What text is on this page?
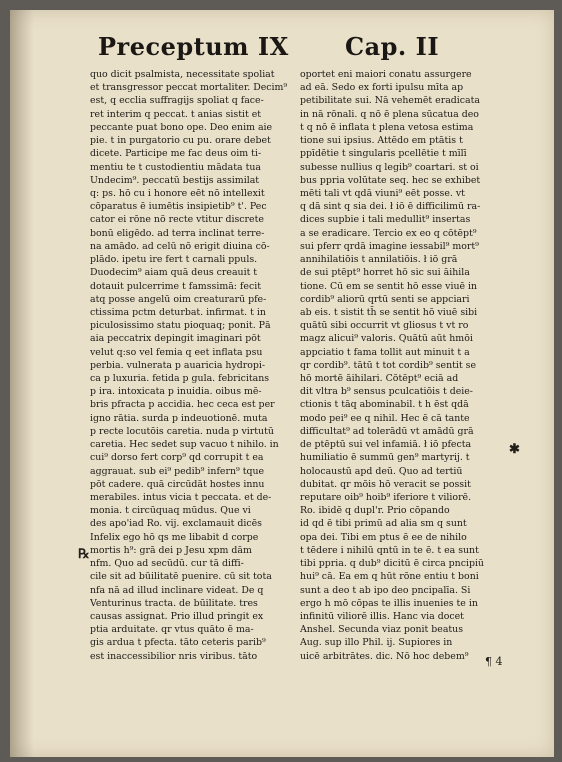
Preceptum IX Cap. II
quo dicit psalmista, necessitate spoliat
et transgressor peccat mortaliter. Decim⁹
est, q ecclia suffragijs spoliat q face-
ret interim q peccat. t anias sistit et
peccante puat bono ope. Deo enim aie
pie. t in purgatorio cu pu. orare debet
dicete. Participe me fac deus oim ti-
mentiu te t custodientiu mādata tua
Undecim⁹. peccatū bestijs assimilat
q: ps. hō cu i honore eēt nō intellexit
cōparatus ē iumētis insipietib⁹ t'. Pec
cator ei rōne nō recte vtitur discrete
bonū eligēdo. ad terra inclinat terre-
na amādo. ad celū nō erigit diuina cō-
plādo. ipetu ire fert t carnali ppuls.
Duodecim⁹ aiam quā deus creauit t
dotauit pulcerrime t famssimā: fecit
atq posse angelū oim creaturarū pfe-
ctissima pctm deturbat. infirmat. t in
piculosissimo statu pioquaq; ponit. Pā
aia peccatrix depingit imaginari pōt
velut q:so vel femia q eet inflata psu
perbia. vulnerata p auaricia hydropi-
ca p luxuria. fetida p gula. febricitans
p ira. intoxicata p inuidia. oibus mē-
bris pfracta p accidia. hec ceca est per
igno rātia. surda p indeuotionē. muta
p recte locutōis caretia. nuda p virtutū
caretia. Hec sedet sup vacuo t nihilo. in
cui⁹ dorso fert corp⁹ qd corrupit t ea
aggrauat. sub ei⁹ pedib⁹ infern⁹ tque
pōt cadere. quā circūdāt hostes innu
merabiles. intus vicia t peccata. et de-
monia. t circūquaq mūdus. Que vi
des apo'iad Ro. vij. exclamauit dicēs
Infelix ego hō qs me libabit d corpe
mortis h⁹: grā dei p Jesu xpm dām
nfm. Quo ad secūdū. cur tā diffi-
cile sit ad būilitatē puenire. cū sit tota
nfa nā ad illud inclinare videat. De q
Venturinus tracta. de būilitate. tres
causas assignat. Prio illud pringit ex
ptia arduitate. qr vtus quāto ē ma-
gis ardua t pfecta. tāto ceteris parib⁹
est inaccessibilior nris viribus. tāto
oportet eni maiori conatu assurgere
ad eā. Sedo ex forti ipulsu mīta ap
petibilitate sui. Nā vehemēt eradicata
in nā rōnali. q nō ē plena sūcatua deo
t q nō ē inflata t plena vetosa estima
tione sui ipsius. Attēdo em ptātis t
ppīdētie t singularis pcellētie t mīlī
subesse nullius q legib⁹ coartari. st oi
bus ppria volūtate seq. hec se exhibet
mēti tali vt qdā viuni⁹ eēt posse. vt
q dā sint q sia dei. ł iō ē difficilimū ra-
dices supbie i tali medullit⁹ insertas
a se eradicare. Tercio ex eo q cōtēpt⁹
sui pferr qrdā imagine iessabil⁹ mort⁹
annihilatiōis t annilatiōis. ł iō grā
de sui ptēpt⁹ horret hō sic sui āihila
tione. Cū em se sentit hō esse viuē in
cordib⁹ aliorū qrtū senti se appciari
ab eis. t sistit th̄ se sentit hō viuē sibi
quātū sibi occurrit vt gliosus t vt ro
magz alicui⁹ valoris. Quātū aūt hmōi
appciatio t fama tollit aut minuit t a
qr cordib⁹. tātū t tot cordib⁹ sentit se
hō mortē āihilari. Cōtēpt⁹ eciā ad
dit vltra b⁹ sensus pculcatiōis t deie-
ctionis t tāq abominabil. t h ēst qdā
modo pei⁹ ee q nihil. Hec ē cā tante
difficultat⁹ ad tolerādū vt amādū grā
de ptēptū sui vel infamiā. ł iō pfecta
humiliatio ē summū gen⁹ martyrij. t
holocaustū apd deū. Quo ad tertiū
dubitat. qr mōis hō veracit se possit
reputare oib⁹ hoib⁹ iferiore t viliorē.
Ro. ibidē q dupl'r. Prio cōpando
id qd ē tibi primū ad alia sm q sunt
opa dei. Tibi em ptus ē ee de nihilo
t tēdere i nihilū qntū in te ē. t ea sunt
tibi ppria. q dub⁹ dicitū ē circa pncipiū
hui⁹ cā. Ea em q hūt rōne entiu t boni
sunt a deo t ab ipo deo pncipalīa. Si
ergo h mō cōpas te illis inuenies te in
infinitū viliorē illis. Hanc via docet
Anshel. Secunda viaz ponit beatus
Aug. sup illo Phil. ij. Supiores in
uicē arbitrātes. dic. Nō hoc debem⁹
℞
✱
¶ 4
